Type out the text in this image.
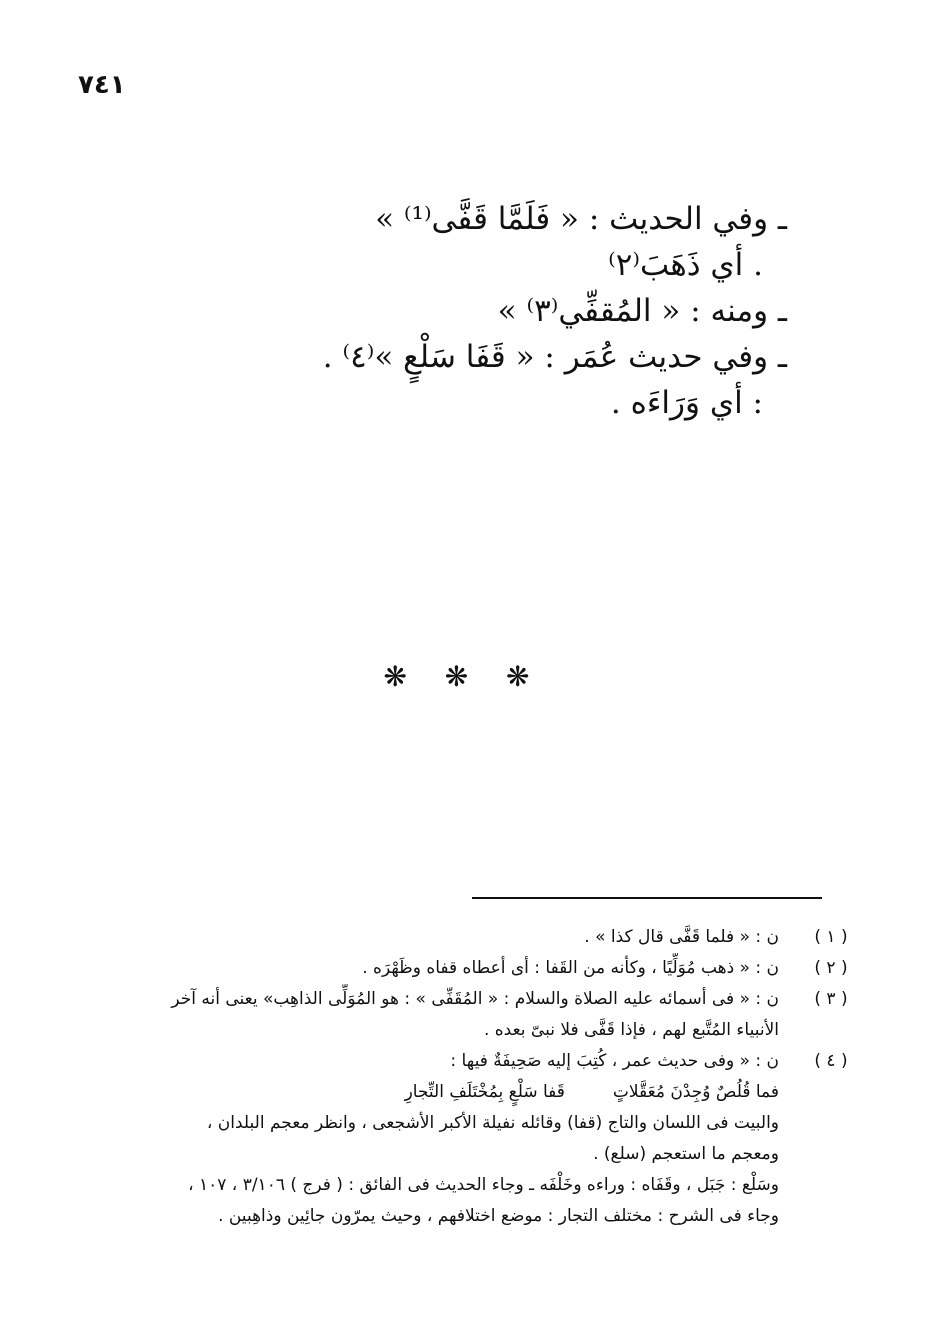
٧٤١
ـ وفي الحديث : « فَلَمَّا قَفَّى⁽¹⁾ »
. أي ذَهَبَ⁽٢⁾
ـ ومنه : « المُقفِّي⁽٣⁾ »
ـ وفي حديث عُمَر : « قَفَا سَلْعٍ »⁽٤⁾ .
: أي وَرَاءَه .
❋ ❋ ❋
( ١ )
ن : « فلما قَفَّى قال كذا » .
( ٢ )
ن : « ذهب مُوَلِّيًا ، وكأنه من القَفا : أى أعطاه قفاه وظَهْرَه .
( ٣ )
ن : « فى أسمائه عليه الصلاة والسلام : « المُقَفِّى » : هو المُوَلِّى الذاهِب» يعنى أنه آخر
الأنبياء المُتَّبع لهم ، فإذا قَفَّى فلا نبىّ بعده .
( ٤ )
ن : « وفى حديث عمر ، كُتِبَ إليه صَحِيفَةٌ فيها :
فما قُلُصٌ وُجِدْنَ مُعَقَّلاتٍقَفا سَلْعٍ بِمُخْتَلَفِ التِّجارِ
والبيت فى اللسان والتاج (قفا) وقائله نفيلة الأكبر الأشجعى ، وانظر معجم البلدان ،
ومعجم ما استعجم (سلع) .
وسَلْع : جَبَل ، وقَفَاه : وراءه وخَلْفَه ـ وجاء الحديث فى الفائق : ( فرج ) ٣/١٠٦ ، ١٠٧ ،
وجاء فى الشرح : مختلف التجار : موضع اختلافهم ، وحيث يمرّون جائِين وذاهِبين .
